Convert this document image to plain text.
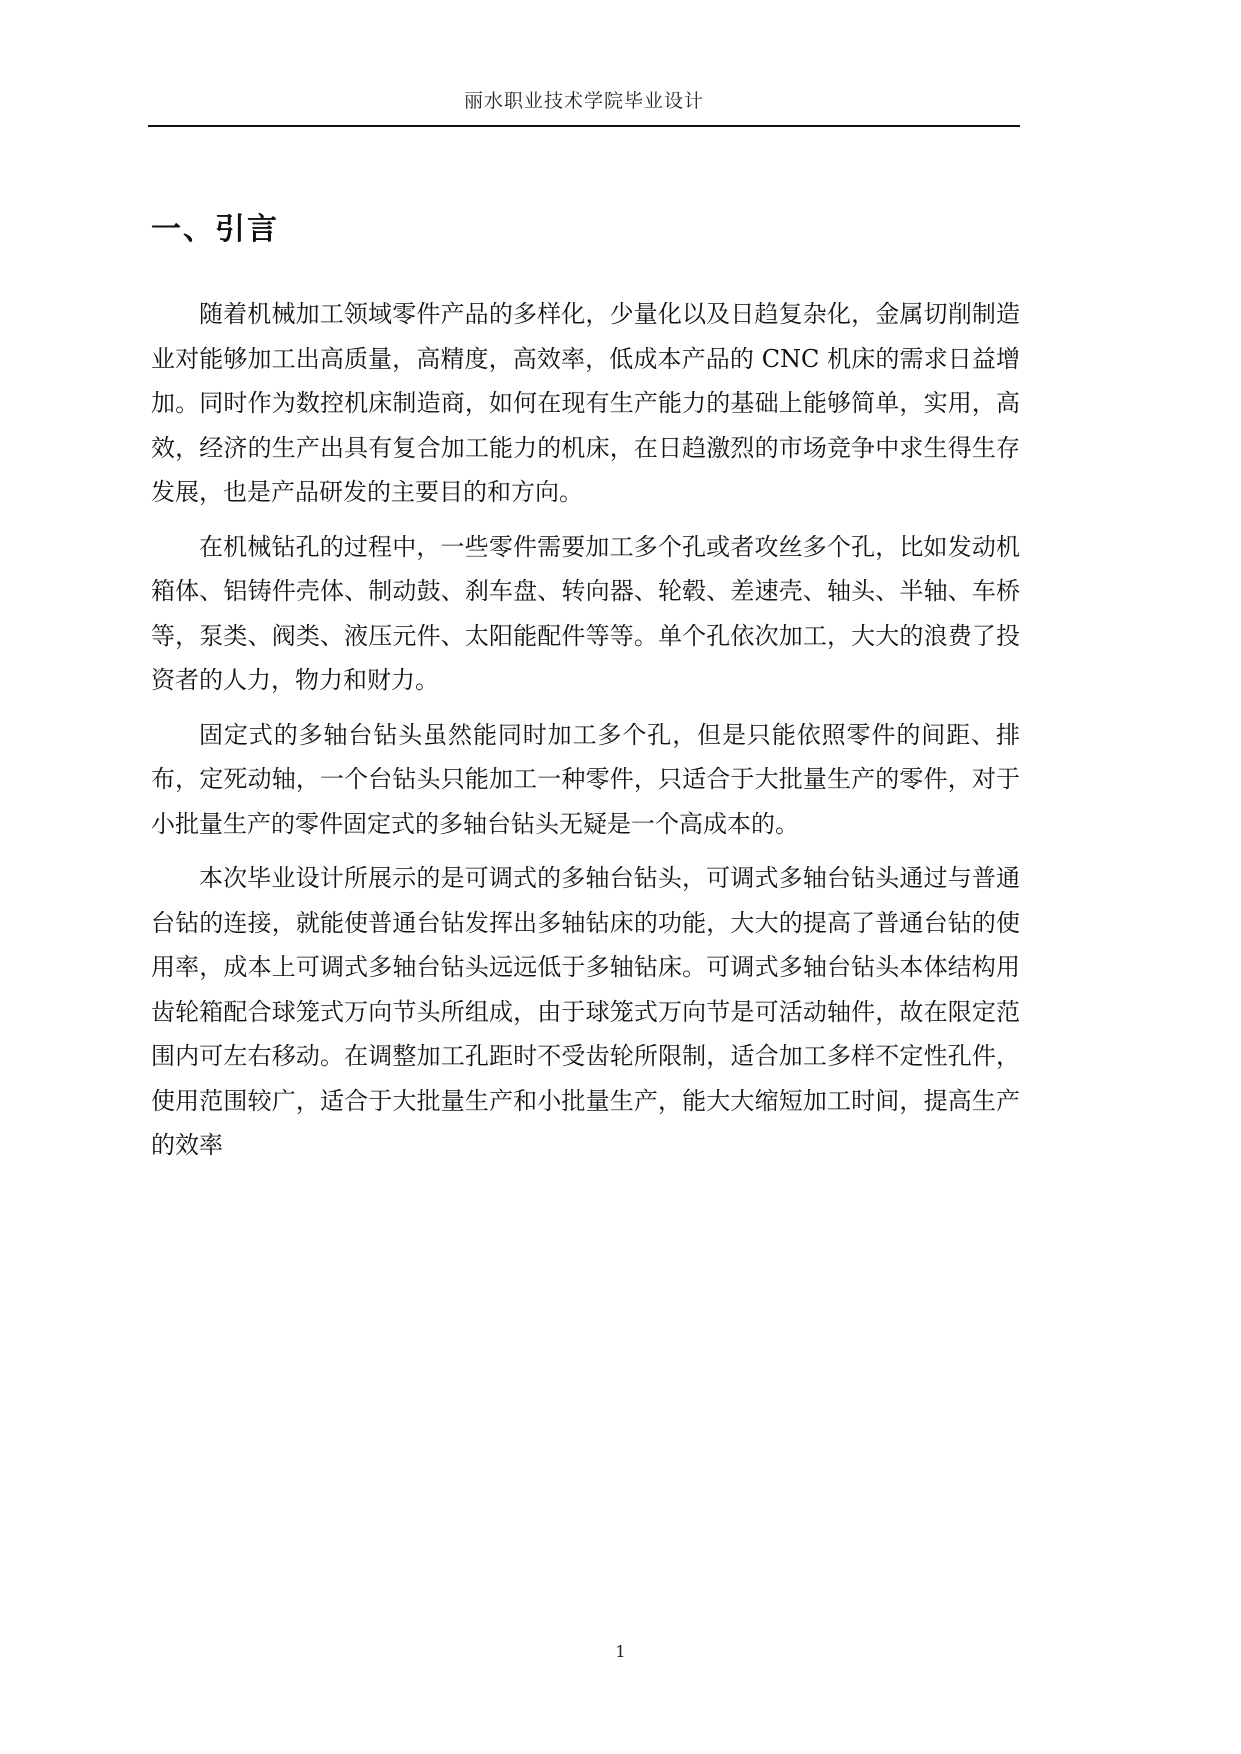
丽水职业技术学院毕业设计
一、引言

随着机械加工领域零件产品的多样化，少量化以及日趋复杂化，金属切削制造业对能够加工出高质量，高精度，高效率，低成本产品的 CNC 机床的需求日益增加。同时作为数控机床制造商，如何在现有生产能力的基础上能够简单，实用，高效，经济的生产出具有复合加工能力的机床，在日趋激烈的市场竞争中求生得生存发展，也是产品研发的主要目的和方向。

在机械钻孔的过程中，一些零件需要加工多个孔或者攻丝多个孔，比如发动机箱体、铝铸件壳体、制动鼓、刹车盘、转向器、轮毂、差速壳、轴头、半轴、车桥等，泵类、阀类、液压元件、太阳能配件等等。单个孔依次加工，大大的浪费了投资者的人力，物力和财力。

固定式的多轴台钻头虽然能同时加工多个孔，但是只能依照零件的间距、排布，定死动轴，一个台钻头只能加工一种零件，只适合于大批量生产的零件，对于小批量生产的零件固定式的多轴台钻头无疑是一个高成本的。

本次毕业设计所展示的是可调式的多轴台钻头，可调式多轴台钻头通过与普通台钻的连接，就能使普通台钻发挥出多轴钻床的功能，大大的提高了普通台钻的使用率，成本上可调式多轴台钻头远远低于多轴钻床。可调式多轴台钻头本体结构用齿轮箱配合球笼式万向节头所组成，由于球笼式万向节是可活动轴件，故在限定范围内可左右移动。在调整加工孔距时不受齿轮所限制，适合加工多样不定性孔件，使用范围较广，适合于大批量生产和小批量生产，能大大缩短加工时间，提高生产的效率

1
